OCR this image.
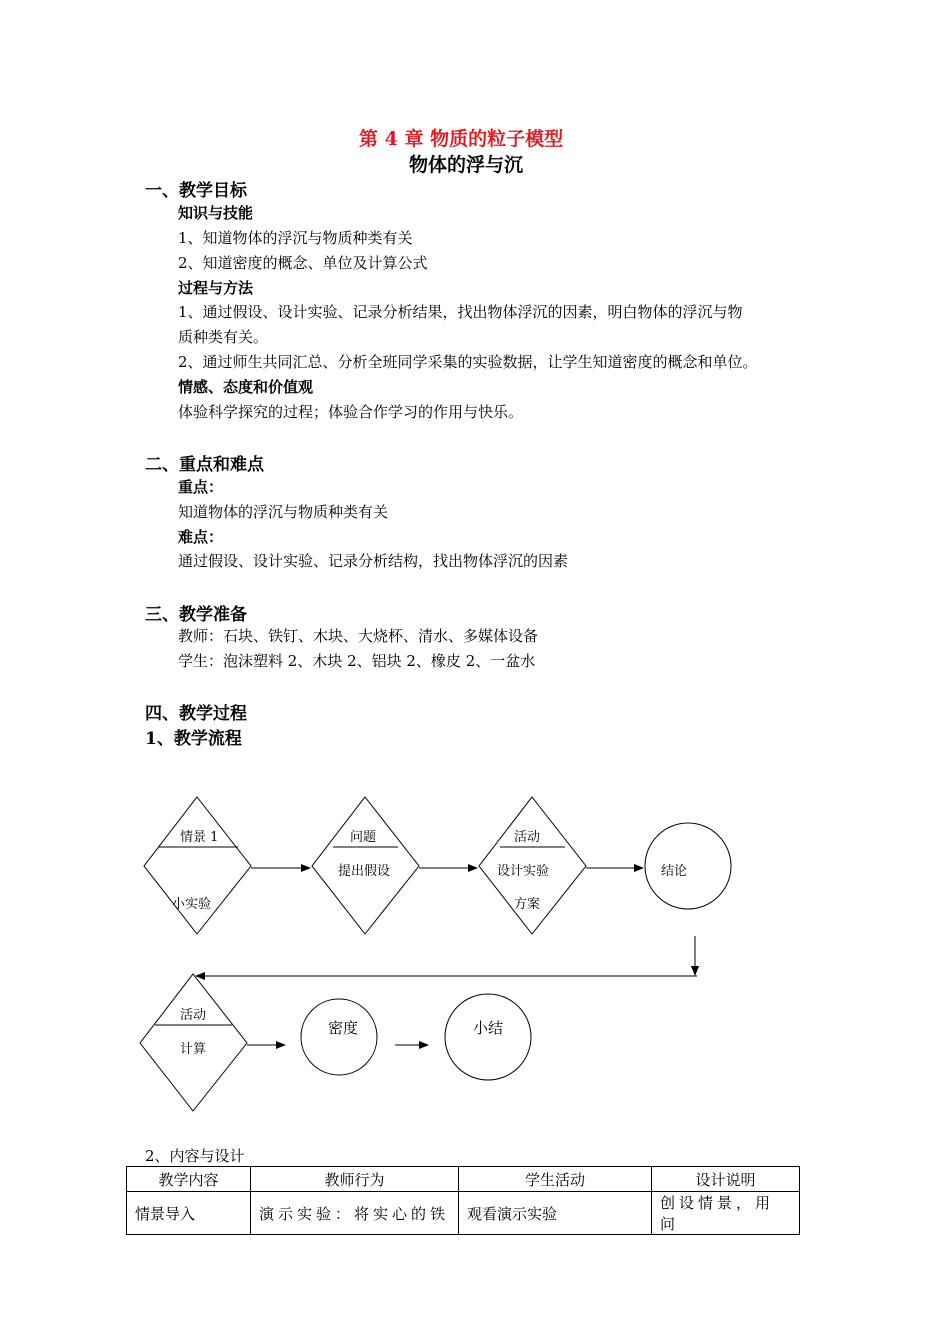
第 4 章 物质的粒子模型
物体的浮与沉
一、教学目标
知识与技能
1、知道物体的浮沉与物质种类有关
2、知道密度的概念、单位及计算公式
过程与方法
1、通过假设、设计实验、记录分析结果，找出物体浮沉的因素，明白物体的浮沉与物
质种类有关。
2、通过师生共同汇总、分析全班同学采集的实验数据，让学生知道密度的概念和单位。
情感、态度和价值观
体验科学探究的过程；体验合作学习的作用与快乐。
二、重点和难点
重点：
知道物体的浮沉与物质种类有关
难点：
通过假设、设计实验、记录分析结构，找出物体浮沉的因素
三、教学准备
教师：石块、铁钉、木块、大烧杯、清水、多媒体设备
学生：泡沫塑料 2、木块 2、铝块 2、橡皮 2、一盆水
四、教学过程
1、教学流程
情景 1
小实验
问题
提出假设
活动
设计实验
方案
结论
活动
计算
密度	小结
2、内容与设计
教学内容	教师行为	学生活动	设计说明
情景导入	演示实验：将实心的铁	观看演示实验	创设情景，用问
